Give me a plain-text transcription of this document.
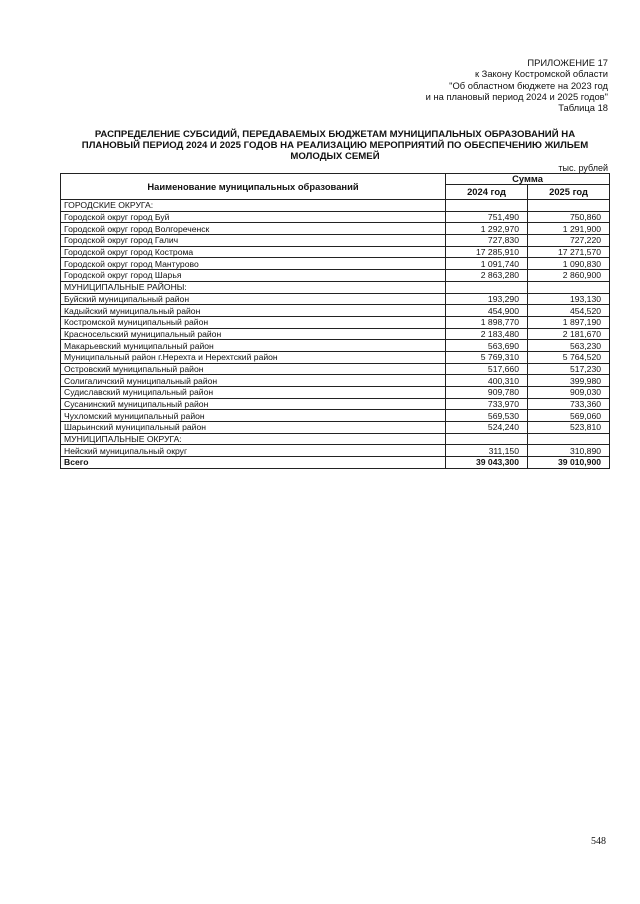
ПРИЛОЖЕНИЕ 17
к Закону Костромской области
"Об областном бюджете на 2023 год
и на плановый период 2024 и 2025 годов"
Таблица 18
РАСПРЕДЕЛЕНИЕ СУБСИДИЙ, ПЕРЕДАВАЕМЫХ БЮДЖЕТАМ МУНИЦИПАЛЬНЫХ ОБРАЗОВАНИЙ НА
ПЛАНОВЫЙ ПЕРИОД 2024 И 2025 ГОДОВ НА РЕАЛИЗАЦИЮ МЕРОПРИЯТИЙ ПО ОБЕСПЕЧЕНИЮ ЖИЛЬЕМ
МОЛОДЫХ СЕМЕЙ
тыс. рублей
Наименование муниципальных образований	Сумма	
	2024 год	2025 год
ГОРОДСКИЕ ОКРУГА:		
Городской округ город Буй	751,490	750,860
Городской округ город Волгореченск	1 292,970	1 291,900
Городской округ город Галич	727,830	727,220
Городской округ город Кострома	17 285,910	17 271,570
Городской округ город Мантурово	1 091,740	1 090,830
Городской округ город Шарья	2 863,280	2 860,900
МУНИЦИПАЛЬНЫЕ РАЙОНЫ:		
Буйский муниципальный район	193,290	193,130
Кадыйский муниципальный район	454,900	454,520
Костромской муниципальный район	1 898,770	1 897,190
Красносельский муниципальный район	2 183,480	2 181,670
Макарьевский муниципальный район	563,690	563,230
Муниципальный район г.Нерехта и Нерехтский район	5 769,310	5 764,520
Островский муниципальный район	517,660	517,230
Солигаличский муниципальный район	400,310	399,980
Судиславский муниципальный район	909,780	909,030
Сусанинский муниципальный район	733,970	733,360
Чухломский муниципальный район	569,530	569,060
Шарьинский муниципальный район	524,240	523,810
МУНИЦИПАЛЬНЫЕ ОКРУГА:		
Нейский муниципальный округ	311,150	310,890
Всего	39 043,300	39 010,900
548
